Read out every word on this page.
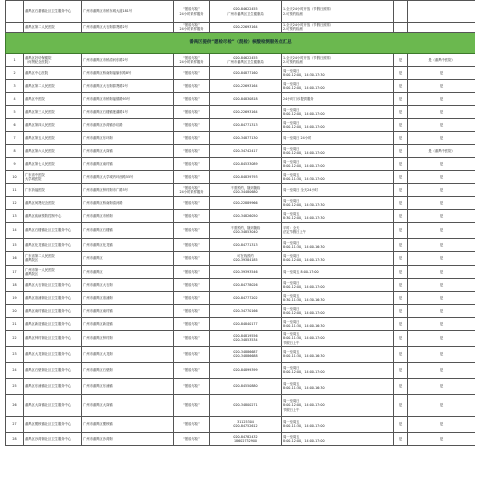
	番禺区石碁镇社区卫生服务中心	广州市番禺区市桥东城大道181号	“愿检尽检”
24小时采样服务	020-84622455
广州市番禺区卫生健康局	1.全天24小时开放（节假日照常）
2.可预约检测		
	番禺区第二人民医院	广州市番禺区大石街群贤路2号	“愿检尽检”
24小时采样服务	020-22693164	1.全天24小时开放（节假日照常）
2.可预约检测		
番禺区提供“愿检尽检”（混检）核酸检测服务点汇总							
1	番禺区妇幼保健院
（何贤纪念医院）	广州市番禺区市桥清河东路2号	“愿检尽检”
24小时采样服务	020-84622455
广州市番禺区卫生健康局	1.全天24小时开放（节假日照常）
2.可预约检测	是	是（番禺中医院）
2	番禺区中心医院	广州市番禺区桥南街福愉东路8号	“愿检尽检”	020-84877160	周一至周日
8:00-12:00，14:30-17:30	是	是
3	番禺区第二人民医院	广州市番禺区大石街群贤路2号	“愿检尽检”	020-22693164	周一至周日
8:00-12:00，14:00-17:00	是	是
4	番禺区中医院	广州市番禺区市桥街福德路93号	“愿检尽检”	020-84830818	24小时门诊提供服务	是	是
5	番禺区第三人民医院	广州市番禺区石楼镇莲湖路1号	“愿检尽检”	020-22693164	周一至周日
8:00-12:00，14:00-17:00	是	是
6	番禺区第四人民医院	广州市番禺区沙湾镇沙坑路	“愿检尽检”	020-84771313	周一至周日
8:00-12:00，14:00-17:00	是	是
7	番禺区第五人民医院	广州市番禺区东环街	“愿检尽检”	020-34877130	周一至周日 24小时	是	是
8	番禺区第六人民医院	广州市番禺区大岗镇	“愿检尽检”	020-34742417	周一至周日
8:00-12:00，14:00-17:00	是	是（番禺中医院）
9	番禺区第七人民医院	广州市番禺区南村镇	“愿检尽检”	020-84533089	周一至周日
8:00-12:00，14:00-17:00	是	是
10	广东省中医院
大学城医院	广州市番禺区大学城内环西路55号	“愿检尽检”	020-84839793	周一至周五
8:00-11:30，14:30-17:00	是	是
11	广东祈福医院	广州市番禺区钟村街市广路3号	“愿检尽检”
24小时采样服务	不需预约，随到随检
020-34480680	周一至周日 全天24小时	是	是
12	番禺区何贤纪念医院	广州市番禺区桥南街清河路	“愿检尽检”	020-22889966	周一至周日
8:00-12:00，14:30-17:30	是	是
13	番禺区疾病预防控制中心	广州市番禺区市桥街	“愿检尽检”	020-34826050	周一至周五
8:30-12:00，14:00-17:30	是	是
14	番禺区石楼镇社区卫生服务中心	广州市番禺区石楼镇	“愿检尽检”	不需预约，随到随检
020-34853040	平时：全天
法定节假日上午	是	是
15	番禺区化龙镇社区卫生服务中心	广州市番禺区化龙镇	“愿检尽检”	020-84771313	周一至周日
8:00-11:30，14:00-16:30	是	是
16	广东省第二人民医院
番禺院区	广州市番禺区	“愿检尽检”	可在线预约
020-39384185	周一至周日
8:00-12:00，14:00-17:30	是	是
17	广州市第一人民医院
番禺院区	广州市番禺区	“愿检尽检”	020-39393546	周一至周五 8:00-17:00	是	是
18	番禺区大石街社区卫生服务中心	广州市番禺区大石街	“愿检尽检”	020-84778026	周一至周日
8:00-12:00，14:00-17:00	是	是
19	番禺区洛浦街社区卫生服务中心	广州市番禺区洛浦街	“愿检尽检”	020-84777202	周一至周五
8:30-11:30，14:30-16:30	是	是
20	番禺区南村镇社区卫生服务中心	广州市番禺区南村镇	“愿检尽检”	020-34770166	周一至周日
8:00-12:00，14:00-17:00	是	是
21	番禺区新造镇社区卫生服务中心	广州市番禺区新造镇	“愿检尽检”	020-84840177	周一至周日
8:00-11:30，14:00-16:30	是	是
22	番禺区钟村街社区卫生服务中心	广州市番禺区钟村街	“愿检尽检”	020-84819556
020-34853534	周一至周五
8:00-11:30，14:00-17:00
节假日上午	是	是
23	番禺区大龙街社区卫生服务中心	广州市番禺区大龙街	“愿检尽检”	020-34886687
020-34886688	周一至周五
8:00-11:30，14:00-16:30	是	是
24	番禺区石壁街社区卫生服务中心	广州市番禺区石壁街	“愿检尽检”	020-84899399	周一至周日
8:00-12:00，14:00-17:00	是	是
25	番禺区东涌镇社区卫生服务中心	广州市番禺区东涌镇	“愿检尽检”	020-84550880	周一至周五
8:00-11:30，14:00-16:30	是	是
26	番禺区大岗镇社区卫生服务中心	广州市番禺区大岗镇	“愿检尽检”	020-34800271	周一至周日
8:00-12:00，14:00-17:00
节假日上午	是	是
27	番禺区榄核镇社区卫生服务中心	广州市番禺区榄核镇	“愿检尽检”	31125304
020-84752612	周一至周五
8:00-11:30，14:00-17:00	是	是
28	番禺区沙湾街社区卫生服务中心	广州市番禺区沙湾街	“愿检尽检”	020-84782432
18602732900	周一至周五
8:00-12:00，14:00-17:00	是	是
